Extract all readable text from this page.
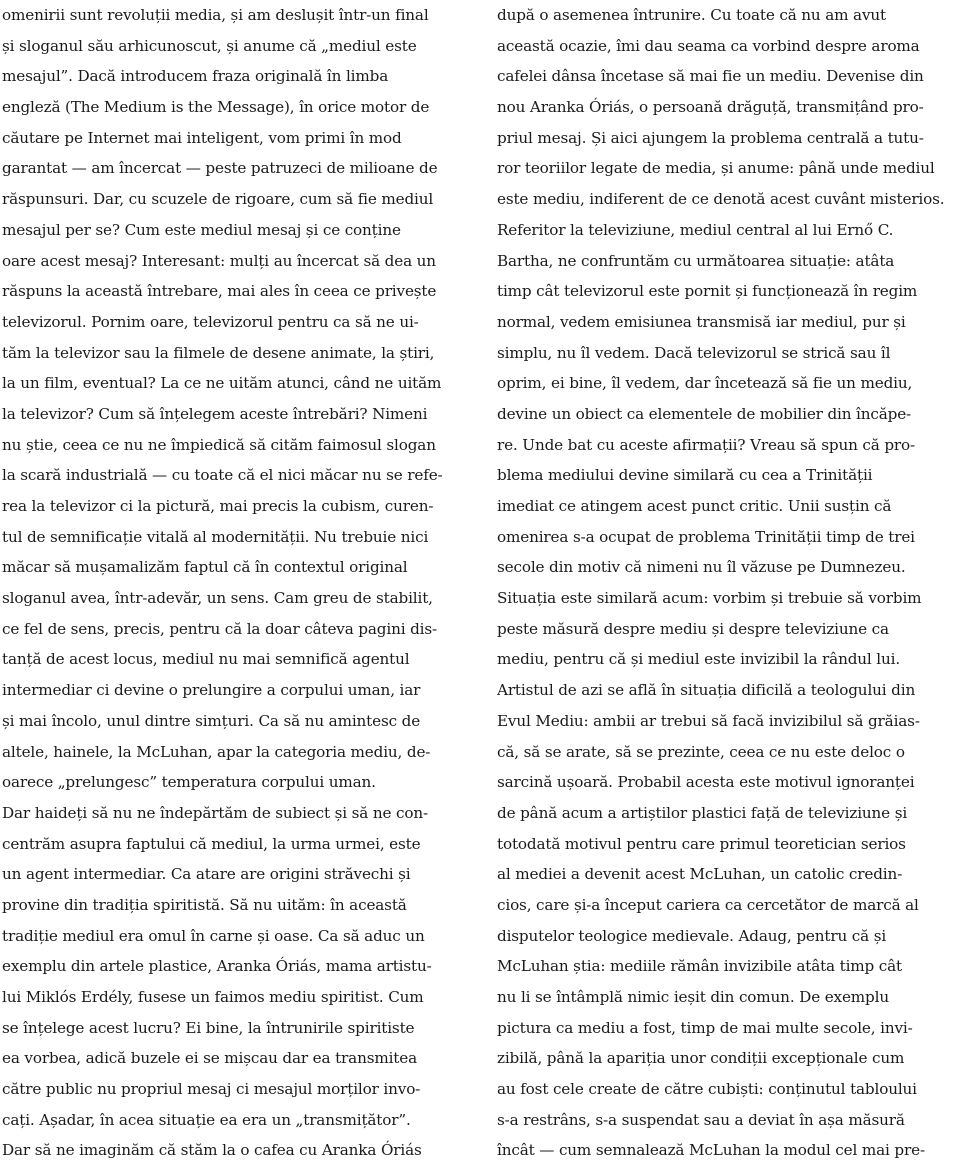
omenirii sunt revoluții media, și am deslușit într-un final
și sloganul său arhicunoscut, și anume că „mediul este
mesajul”. Dacă introducem fraza originală în limba
engleză (The Medium is the Message), în orice motor de
căutare pe Internet mai inteligent, vom primi în mod
garantat — am încercat — peste patruzeci de milioane de
răspunsuri. Dar, cu scuzele de rigoare, cum să fie mediul
mesajul per se? Cum este mediul mesaj și ce conține
oare acest mesaj? Interesant: mulți au încercat să dea un
răspuns la această întrebare, mai ales în ceea ce privește
televizorul. Pornim oare, televizorul pentru ca să ne ui-
tăm la televizor sau la filmele de desene animate, la știri,
la un film, eventual? La ce ne uităm atunci, când ne uităm
la televizor? Cum să înțelegem aceste întrebări? Nimeni
nu știe, ceea ce nu ne împiedică să cităm faimosul slogan
la scară industrială — cu toate că el nici măcar nu se refe-
rea la televizor ci la pictură, mai precis la cubism, curen-
tul de semnificație vitală al modernității. Nu trebuie nici
măcar să mușamalizăm faptul că în contextul original
sloganul avea, într-adevăr, un sens. Cam greu de stabilit,
ce fel de sens, precis, pentru că la doar câteva pagini dis-
tanță de acest locus, mediul nu mai semnifică agentul
intermediar ci devine o prelungire a corpului uman, iar
și mai încolo, unul dintre simțuri. Ca să nu amintesc de
altele, hainele, la McLuhan, apar la categoria mediu, de-
oarece „prelungesc” temperatura corpului uman.
Dar haideți să nu ne îndepărtăm de subiect și să ne con-
centrăm asupra faptului că mediul, la urma urmei, este
un agent intermediar. Ca atare are origini străvechi și
provine din tradiția spiritistă. Să nu uităm: în această
tradiție mediul era omul în carne și oase. Ca să aduc un
exemplu din artele plastice, Aranka Óriás, mama artistu-
lui Miklós Erdély, fusese un faimos mediu spiritist. Cum
se înțelege acest lucru? Ei bine, la întrunirile spiritiste
ea vorbea, adică buzele ei se mișcau dar ea transmitea
către public nu propriul mesaj ci mesajul morților invo-
cați. Așadar, în acea situație ea era un „transmițător”.
Dar să ne imaginăm că stăm la o cafea cu Aranka Óriás
după o asemenea întrunire. Cu toate că nu am avut
această ocazie, îmi dau seama ca vorbind despre aroma
cafelei dânsa încetase să mai fie un mediu. Devenise din
nou Aranka Óriás, o persoană drăguță, transmițând pro-
priul mesaj. Și aici ajungem la problema centrală a tutu-
ror teoriilor legate de media, și anume: până unde mediul
este mediu, indiferent de ce denotă acest cuvânt misterios.
Referitor la televiziune, mediul central al lui Ernő C.
Bartha, ne confruntăm cu următoarea situație: atâta
timp cât televizorul este pornit și funcționează în regim
normal, vedem emisiunea transmisă iar mediul, pur și
simplu, nu îl vedem. Dacă televizorul se strică sau îl
oprim, ei bine, îl vedem, dar încetează să fie un mediu,
devine un obiect ca elementele de mobilier din încăpe-
re. Unde bat cu aceste afirmații? Vreau să spun că pro-
blema mediului devine similară cu cea a Trinității
imediat ce atingem acest punct critic. Unii susțin că
omenirea s-a ocupat de problema Trinității timp de trei
secole din motiv că nimeni nu îl văzuse pe Dumnezeu.
Situația este similară acum: vorbim și trebuie să vorbim
peste măsură despre mediu și despre televiziune ca
mediu, pentru că și mediul este invizibil la rândul lui.
Artistul de azi se află în situația dificilă a teologului din
Evul Mediu: ambii ar trebui să facă invizibilul să grăias-
că, să se arate, să se prezinte, ceea ce nu este deloc o
sarcină ușoară. Probabil acesta este motivul ignoranței
de până acum a artiștilor plastici față de televiziune și
totodată motivul pentru care primul teoretician serios
al mediei a devenit acest McLuhan, un catolic credin-
cios, care și-a început cariera ca cercetător de marcă al
disputelor teologice medievale. Adaug, pentru că și
McLuhan știa: mediile rămân invizibile atâta timp cât
nu li se întâmplă nimic ieșit din comun. De exemplu
pictura ca mediu a fost, timp de mai multe secole, invi-
zibilă, până la apariția unor condiții excepționale cum
au fost cele create de către cubiști: conținutul tabloului
s-a restrâns, s-a suspendat sau a deviat în așa măsură
încât — cum semnalează McLuhan la modul cel mai pre-
